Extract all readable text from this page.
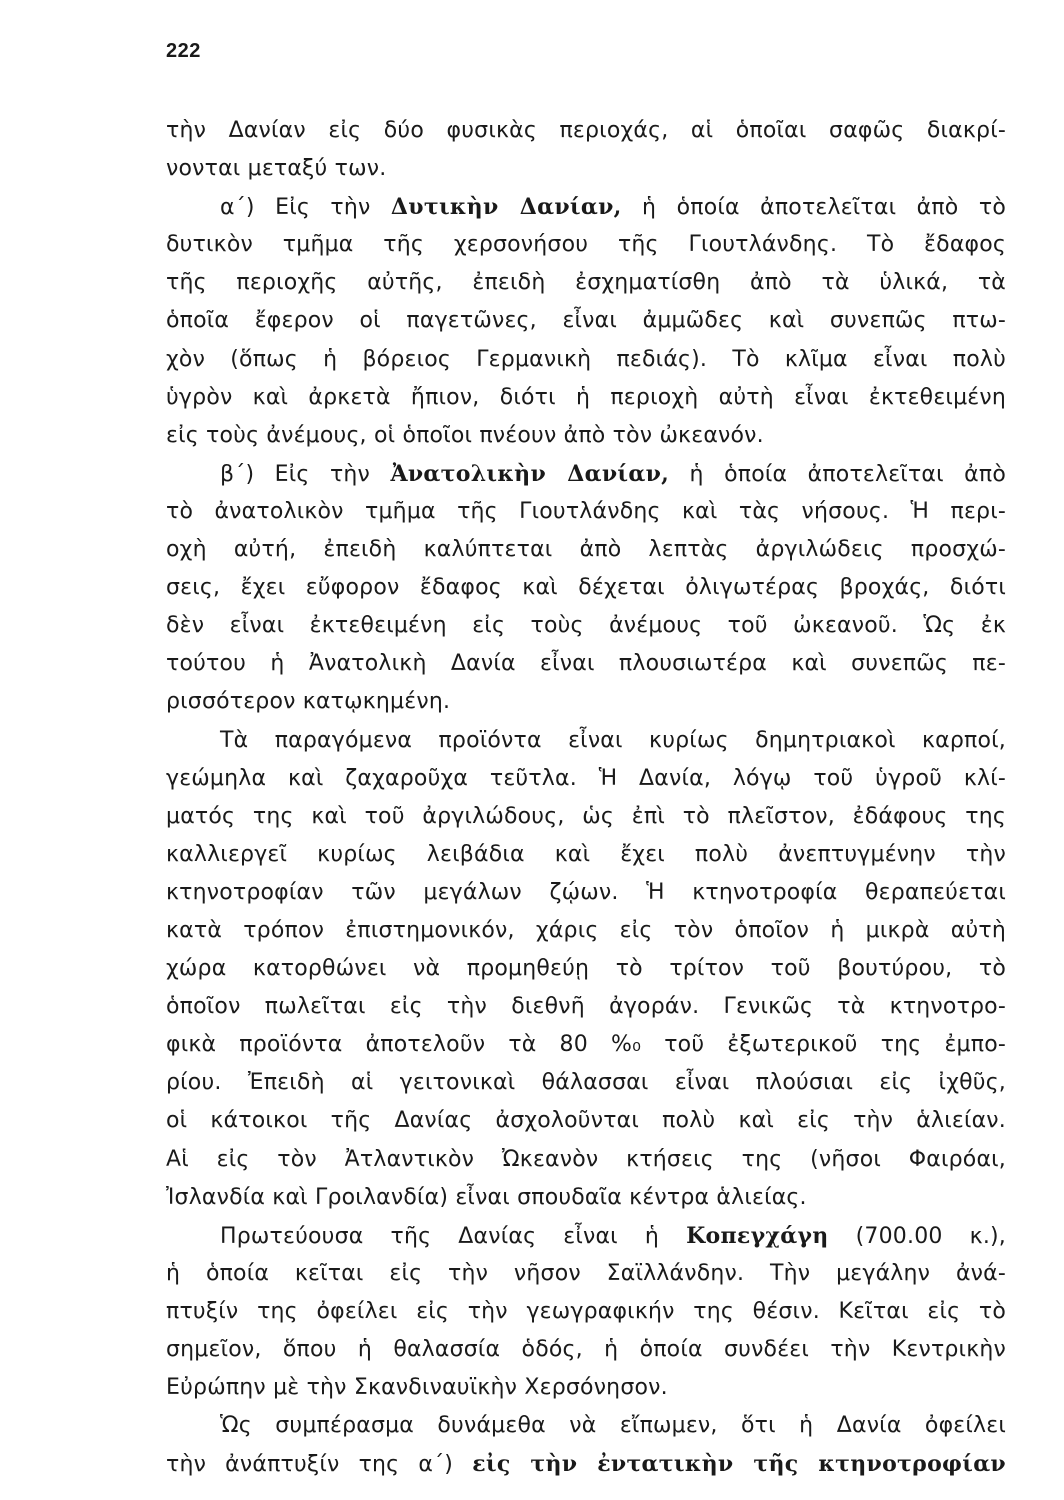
222
τὴν Δανίαν εἰς δύο φυσικὰς περιοχάς, αἱ ὁποῖαι σαφῶς διακρί-
νονται μεταξύ των.
α΄) Εἰς τὴν Δυτικὴν Δανίαν, ἡ ὁποία ἀποτελεῖται ἀπὸ τὸ
δυτικὸν τμῆμα τῆς χερσονήσου τῆς Γιουτλάνδης. Τὸ ἔδαφος
τῆς περιοχῆς αὐτῆς, ἐπειδὴ ἐσχηματίσθη ἀπὸ τὰ ὑλικά, τὰ
ὁποῖα ἔφερον οἱ παγετῶνες, εἶναι ἀμμῶδες καὶ συνεπῶς πτω-
χὸν (ὅπως ἡ βόρειος Γερμανικὴ πεδιάς). Τὸ κλῖμα εἶναι πολὺ
ὑγρὸν καὶ ἀρκετὰ ἤπιον, διότι ἡ περιοχὴ αὐτὴ εἶναι ἐκτεθειμένη
εἰς τοὺς ἀνέμους, οἱ ὁποῖοι πνέουν ἀπὸ τὸν ὠκεανόν.
β΄) Εἰς τὴν Ἀνατολικὴν Δανίαν, ἡ ὁποία ἀποτελεῖται ἀπὸ
τὸ ἀνατολικὸν τμῆμα τῆς Γιουτλάνδης καὶ τὰς νήσους. Ἡ περι-
οχὴ αὐτή, ἐπειδὴ καλύπτεται ἀπὸ λεπτὰς ἀργιλώδεις προσχώ-
σεις, ἔχει εὔφορον ἔδαφος καὶ δέχεται ὀλιγωτέρας βροχάς, διότι
δὲν εἶναι ἐκτεθειμένη εἰς τοὺς ἀνέμους τοῦ ὠκεανοῦ. Ὡς ἐκ
τούτου ἡ Ἀνατολικὴ Δανία εἶναι πλουσιωτέρα καὶ συνεπῶς πε-
ρισσότερον κατῳκημένη.
Τὰ παραγόμενα προϊόντα εἶναι κυρίως δημητριακοὶ καρποί,
γεώμηλα καὶ ζαχαροῦχα τεῦτλα. Ἡ Δανία, λόγῳ τοῦ ὑγροῦ κλί-
ματός της καὶ τοῦ ἀργιλώδους, ὡς ἐπὶ τὸ πλεῖστον, ἐδάφους της
καλλιεργεῖ κυρίως λειβάδια καὶ ἔχει πολὺ ἀνεπτυγμένην τὴν
κτηνοτροφίαν τῶν μεγάλων ζῴων. Ἡ κτηνοτροφία θεραπεύεται
κατὰ τρόπον ἐπιστημονικόν, χάρις εἰς τὸν ὁποῖον ἡ μικρὰ αὐτὴ
χώρα κατορθώνει νὰ προμηθεύῃ τὸ τρίτον τοῦ βουτύρου, τὸ
ὁποῖον πωλεῖται εἰς τὴν διεθνῆ ἀγοράν. Γενικῶς τὰ κτηνοτρο-
φικὰ προϊόντα ἀποτελοῦν τὰ 80 %₀ τοῦ ἐξωτερικοῦ της ἐμπο-
ρίου. Ἐπειδὴ αἱ γειτονικαὶ θάλασσαι εἶναι πλούσιαι εἰς ἰχθῦς,
οἱ κάτοικοι τῆς Δανίας ἀσχολοῦνται πολὺ καὶ εἰς τὴν ἁλιείαν.
Αἱ εἰς τὸν Ἀτλαντικὸν Ὠκεανὸν κτήσεις της (νῆσοι Φαιρόαι,
Ἰσλανδία καὶ Γροιλανδία) εἶναι σπουδαῖα κέντρα ἁλιείας.
Πρωτεύουσα τῆς Δανίας εἶναι ἡ Κοπεγχάγη (700.00 κ.),
ἡ ὁποία κεῖται εἰς τὴν νῆσον Σαϊλλάνδην. Τὴν μεγάλην ἀνά-
πτυξίν της ὀφείλει εἰς τὴν γεωγραφικήν της θέσιν. Κεῖται εἰς τὸ
σημεῖον, ὅπου ἡ θαλασσία ὁδός, ἡ ὁποία συνδέει τὴν Κεντρικὴν
Εὐρώπην μὲ τὴν Σκανδιναυϊκὴν Χερσόνησον.
Ὡς συμπέρασμα δυνάμεθα νὰ εἴπωμεν, ὅτι ἡ Δανία ὀφείλει
τὴν ἀνάπτυξίν της α΄) εἰς τὴν ἐντατικὴν τῆς κτηνοτροφίαν
